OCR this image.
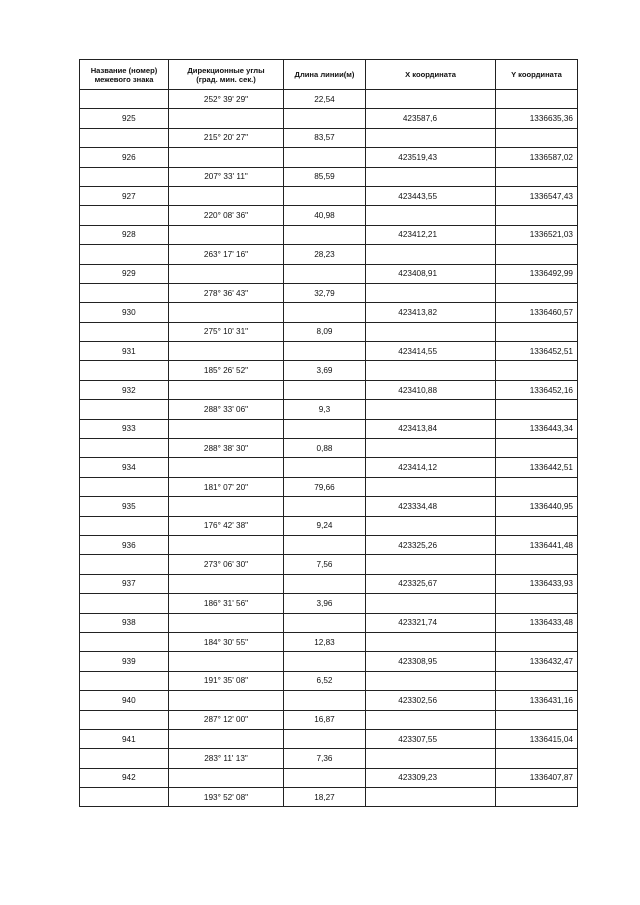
Название (номер)
межевого знака	Дирекционные углы
(град. мин. сек.)	Длина линии(м)	X координата	Y координата
	252° 39' 29"	22,54		
925			423587,6	1336635,36
	215° 20' 27"	83,57		
926			423519,43	1336587,02
	207° 33' 11"	85,59		
927			423443,55	1336547,43
	220° 08' 36"	40,98		
928			423412,21	1336521,03
	263° 17' 16"	28,23		
929			423408,91	1336492,99
	278° 36' 43"	32,79		
930			423413,82	1336460,57
	275° 10' 31"	8,09		
931			423414,55	1336452,51
	185° 26' 52"	3,69		
932			423410,88	1336452,16
	288° 33' 06"	9,3		
933			423413,84	1336443,34
	288° 38' 30"	0,88		
934			423414,12	1336442,51
	181° 07' 20"	79,66		
935			423334,48	1336440,95
	176° 42' 38"	9,24		
936			423325,26	1336441,48
	273° 06' 30"	7,56		
937			423325,67	1336433,93
	186° 31' 56"	3,96		
938			423321,74	1336433,48
	184° 30' 55"	12,83		
939			423308,95	1336432,47
	191° 35' 08"	6,52		
940			423302,56	1336431,16
	287° 12' 00"	16,87		
941			423307,55	1336415,04
	283° 11' 13"	7,36		
942			423309,23	1336407,87
	193° 52' 08"	18,27		
